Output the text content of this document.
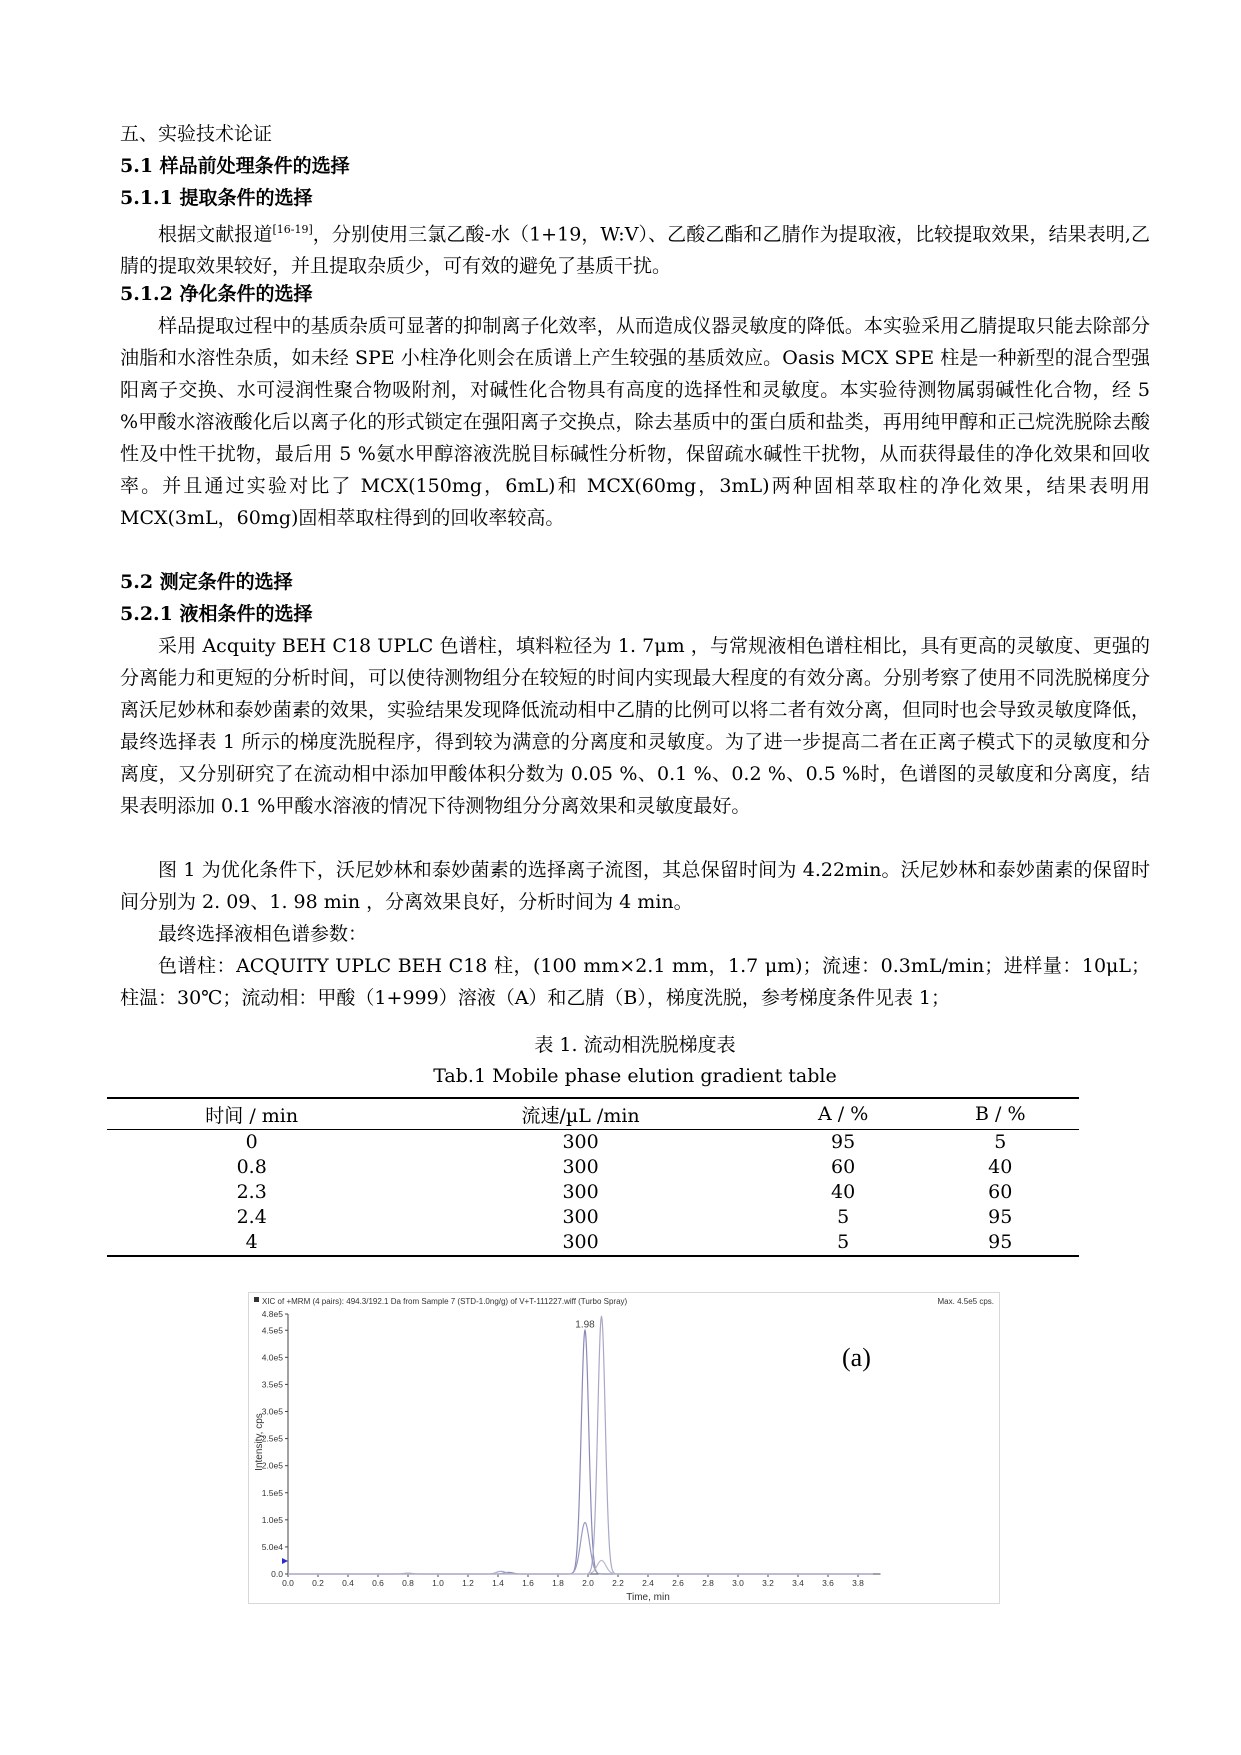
五、实验技术论证
5.1 样品前处理条件的选择
5.1.1 提取条件的选择
根据文献报道[16-19]，分别使用三氯乙酸-水（1+19，W:V）、乙酸乙酯和乙腈作为提取液，比较提取效果，结果表明,乙腈的提取效果较好，并且提取杂质少，可有效的避免了基质干扰。
5.1.2 净化条件的选择
样品提取过程中的基质杂质可显著的抑制离子化效率，从而造成仪器灵敏度的降低。本实验采用乙腈提取只能去除部分油脂和水溶性杂质，如未经 SPE 小柱净化则会在质谱上产生较强的基质效应。Oasis MCX SPE 柱是一种新型的混合型强阳离子交换、水可浸润性聚合物吸附剂，对碱性化合物具有高度的选择性和灵敏度。本实验待测物属弱碱性化合物，经 5 %甲酸水溶液酸化后以离子化的形式锁定在强阳离子交换点，除去基质中的蛋白质和盐类，再用纯甲醇和正己烷洗脱除去酸性及中性干扰物，最后用 5 %氨水甲醇溶液洗脱目标碱性分析物，保留疏水碱性干扰物，从而获得最佳的净化效果和回收率。并且通过实验对比了 MCX(150mg，6mL)和 MCX(60mg，3mL)两种固相萃取柱的净化效果，结果表明用 MCX(3mL，60mg)固相萃取柱得到的回收率较高。
5.2 测定条件的选择
5.2.1 液相条件的选择
采用 Acquity BEH C18 UPLC 色谱柱，填料粒径为 1. 7μm ，与常规液相色谱柱相比，具有更高的灵敏度、更强的分离能力和更短的分析时间，可以使待测物组分在较短的时间内实现最大程度的有效分离。分别考察了使用不同洗脱梯度分离沃尼妙林和泰妙菌素的效果，实验结果发现降低流动相中乙腈的比例可以将二者有效分离，但同时也会导致灵敏度降低，最终选择表 1 所示的梯度洗脱程序，得到较为满意的分离度和灵敏度。为了进一步提高二者在正离子模式下的灵敏度和分离度，又分别研究了在流动相中添加甲酸体积分数为 0.05 %、0.1 %、0.2 %、0.5 %时，色谱图的灵敏度和分离度，结果表明添加 0.1 %甲酸水溶液的情况下待测物组分分离效果和灵敏度最好。
图 1 为优化条件下，沃尼妙林和泰妙菌素的选择离子流图，其总保留时间为 4.22min。沃尼妙林和泰妙菌素的保留时间分别为 2. 09、1. 98 min ，分离效果良好，分析时间为 4 min。
最终选择液相色谱参数：
色谱柱：ACQUITY UPLC BEH C18 柱，(100 mm×2.1 mm，1.7 μm)；流速：0.3mL/min；进样量：10μL；柱温：30℃；流动相：甲酸（1+999）溶液（A）和乙腈（B），梯度洗脱，参考梯度条件见表 1；
表 1. 流动相洗脱梯度表
Tab.1 Mobile phase elution gradient table
时间 / min	流速/µL /min	A / %	B / %
0	300	95	5
0.8	300	60	40
2.3	300	40	60
2.4	300	5	95
4	300	5	95
XIC of +MRM (4 pairs): 494.3/192.1 Da from Sample 7 (STD-1.0ng/g) of V+T-111227.wiff (Turbo Spray)	Max. 4.5e5 cps.
(a)
1.98
Intensity, cps
Time, min
0.0
5.0e4
1.0e5
1.5e5
2.0e5
2.5e5
3.0e5
3.5e5
4.0e5
4.5e5
4.8e5
0.0 0.2 0.4 0.6 0.8 1.0 1.2 1.4 1.6 1.8 2.0 2.2 2.4 2.6 2.8 3.0 3.2 3.4 3.6 3.8
